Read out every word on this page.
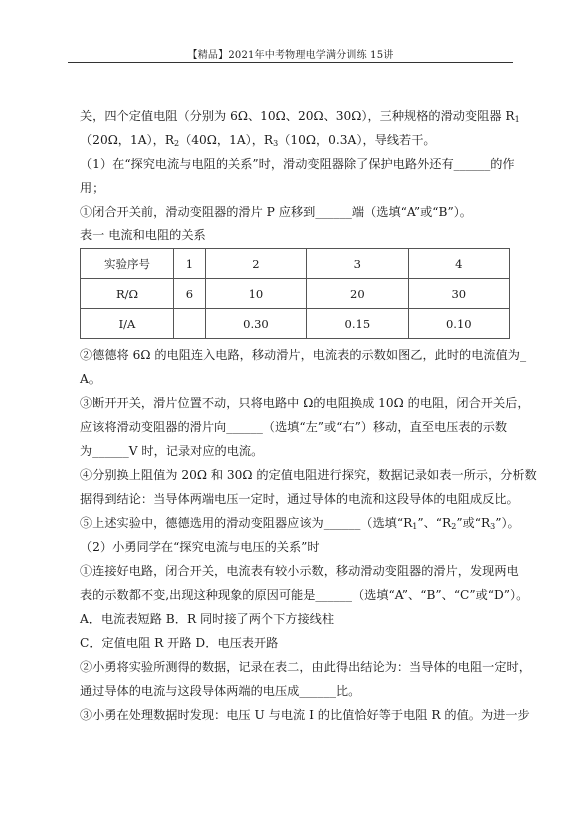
【精品】2021年中考物理电学满分训练 15讲
关，四个定值电阻（分别为 6Ω、10Ω、20Ω、30Ω），三种规格的滑动变阻器 $R_1$
（20Ω，1A），$R_2(40\Omega$，1A），$R_3(10\Omega$，0.3A），导线若干。
（1）在“探究电流与电阻的关系”时，滑动变阻器除了保护电路外还有______的作
用；
①闭合开关前，滑动变阻器的滑片 P 应移到______端（选填“A”或“B”）。
表一 电流和电阻的关系
实验序号	1	2	3	4
R/Ω	6	10	20	30
I/A		0.30	0.15	0.10
②德德将 6Ω 的电阻连入电路，移动滑片，电流表的示数如图乙，此时的电流值为_
A。
③断开开关，滑片位置不动，只将电路中 Ω的电阻换成 10Ω 的电阻，闭合开关后，
应该将滑动变阻器的滑片向______（选填“左”或“右”）移动，直至电压表的示数
为______V 时，记录对应的电流。
④分别换上阻值为 20Ω 和 30Ω 的定值电阻进行探究，数据记录如表一所示，分析数
据得到结论：当导体两端电压一定时，通过导体的电流和这段导体的电阻成反比。
⑤上述实验中，德德选用的滑动变阻器应该为______（选填“$R_1$”、“$R_2$”或“$R_3$”）。
（2）小勇同学在“探究电流与电压的关系”时
①连接好电路，闭合开关，电流表有较小示数，移动滑动变阻器的滑片，发现两电
表的示数都不变,出现这种现象的原因可能是______（选填“A”、“B”、“C”或“D”）。
A．电流表短路 B．R 同时接了两个下方接线柱
C．定值电阻 R 开路 D．电压表开路
②小勇将实验所测得的数据，记录在表二，由此得出结论为：当导体的电阻一定时，
通过导体的电流与这段导体两端的电压成______比。
③小勇在处理数据时发现：电压 U 与电流 I 的比值恰好等于电阻 R 的值。为进一步
